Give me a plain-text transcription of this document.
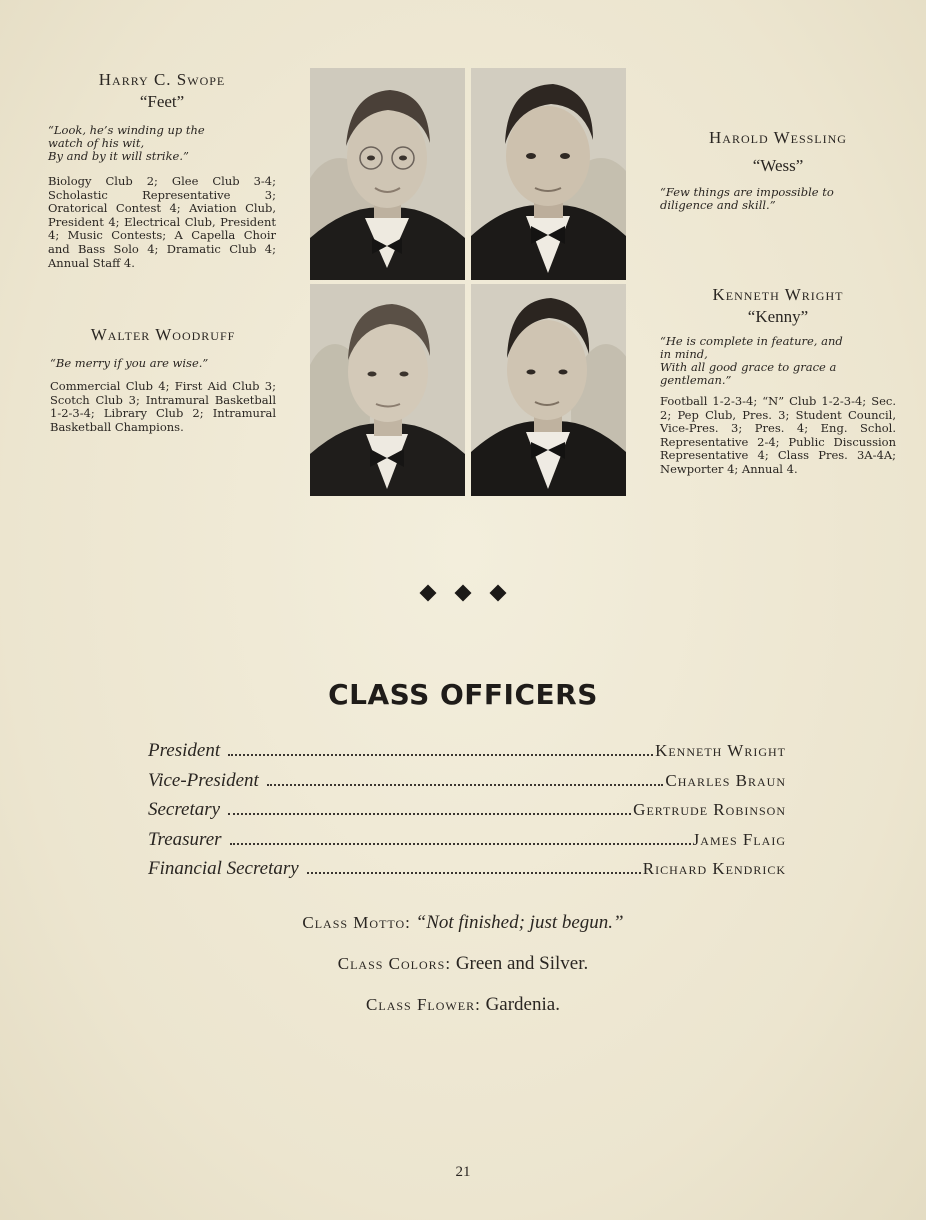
Harry C. Swope

“Feet”

“Look, he’s winding up the
watch of his wit,
By and by it will strike.”

Biology Club 2; Glee Club 3-4; Scholastic Representative 3; Oratorical Contest 4; Aviation Club, President 4; Electrical Club, President 4; Music Contests; A Capella Choir and Bass Solo 4; Dramatic Club 4; Annual Staff 4.

Walter Woodruff

“Be merry if you are wise.”

Commercial Club 4; First Aid Club 3; Scotch Club 3; Intramural Basketball 1-2-3-4; Library Club 2; Intramural Basketball Champions.

Harold Wessling

“Wess”

“Few things are impossible to
diligence and skill.”

Kenneth Wright

“Kenny”

“He is complete in feature, and
in mind,
With all good grace to grace a
gentleman.”

Football 1-2-3-4; “N” Club 1-2-3-4; Sec. 2; Pep Club, Pres. 3; Student Council, Vice-Pres. 3; Pres. 4; Eng. Schol. Representative 2-4; Public Discussion Representative 4; Class Pres. 3A-4A; Newporter 4; Annual 4.

CLASS OFFICERS
President	Kenneth Wright
Vice-President	Charles Braun
Secretary	Gertrude Robinson
Treasurer	James Flaig
Financial Secretary	Richard Kendrick

Class Motto: “Not finished; just begun.”

Class Colors: Green and Silver.

Class Flower: Gardenia.

21
